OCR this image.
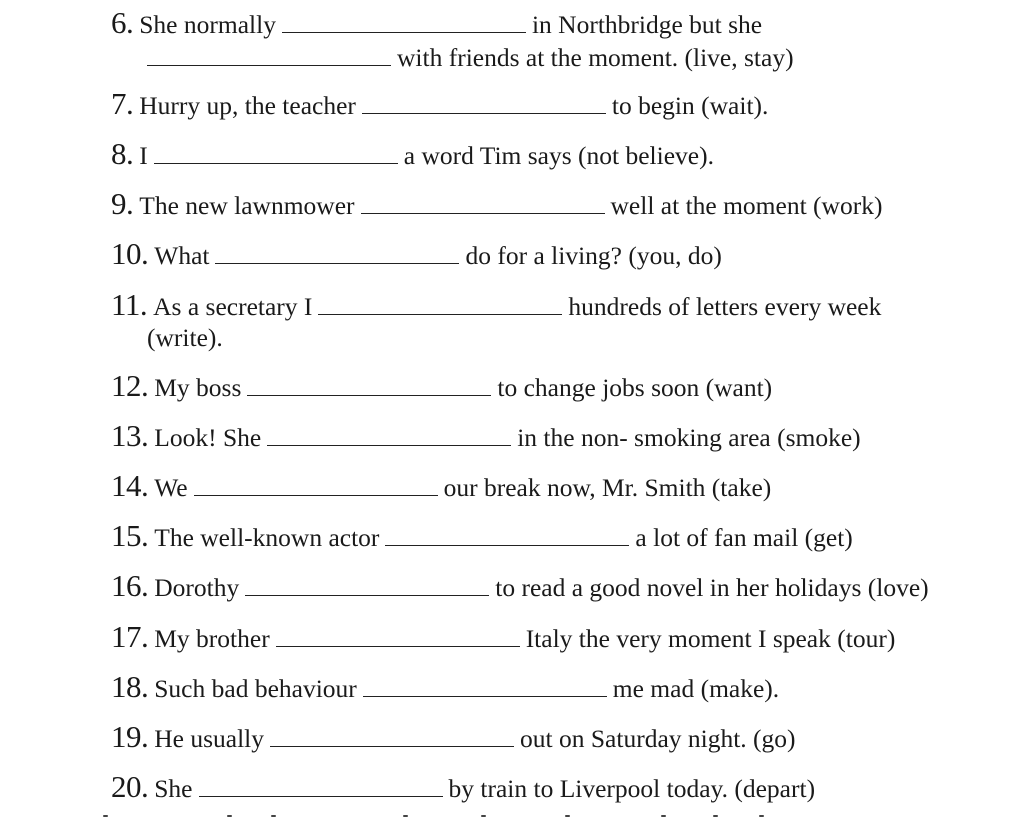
6. She normally	in Northbridge but she
with friends at the moment. (live, stay)
7. Hurry up, the teacher	to begin (wait).
8. I	a word Tim says (not believe).
9. The new lawnmower	well at the moment (work)
10. What	do for a living? (you, do)
11. As a secretary I	hundreds of letters every week
(write).
12. My boss	to change jobs soon (want)
13. Look! She	in the non- smoking area (smoke)
14. We	our break now, Mr. Smith (take)
15. The well-known actor	a lot of fan mail (get)
16. Dorothy	to read a good novel in her holidays (love)
17. My brother	Italy the very moment I speak (tour)
18. Such bad behaviour	me mad (make).
19. He usually	out on Saturday night. (go)
20. She	by train to Liverpool today. (depart)
